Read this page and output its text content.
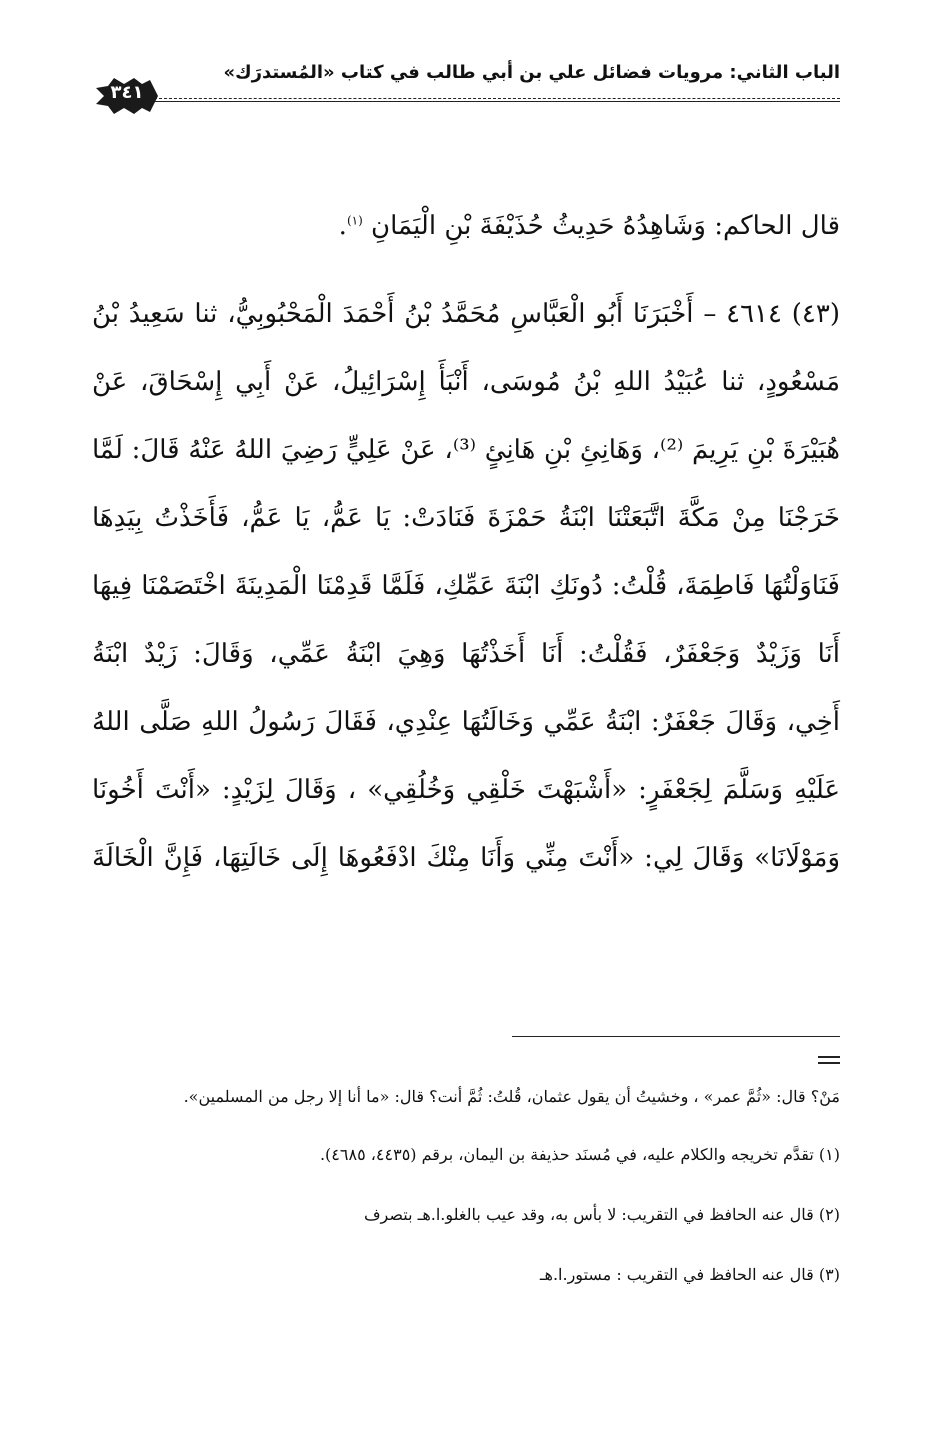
الباب الثاني: مرويات فضائل علي بن أبي طالب في كتاب «المُستدرَك»
٣٤١

قال الحاكم: وَشَاهِدُهُ حَدِيثُ حُذَيْفَةَ بْنِ الْيَمَانِ $^{(١)}$.

(٤٣) ٤٦١٤ – أَخْبَرَنَا أَبُو الْعَبَّاسِ مُحَمَّدُ بْنُ أَحْمَدَ الْمَحْبُوبِيُّ، ثنا سَعِيدُ بْنُ
مَسْعُودٍ، ثنا عُبَيْدُ اللهِ بْنُ مُوسَى، أَنْبَأَ إِسْرَائِيلُ، عَنْ أَبِي إِسْحَاقَ، عَنْ
هُبَيْرَةَ بْنِ يَرِيمَ ⁽²⁾، وَهَانِئِ بْنِ هَانِئٍ ⁽³⁾، عَنْ عَلِيٍّ رَضِيَ اللهُ عَنْهُ قَالَ: لَمَّا
خَرَجْنَا مِنْ مَكَّةَ اتَّبَعَتْنَا ابْنَةُ حَمْزَةَ فَنَادَتْ: يَا عَمُّ، يَا عَمُّ، فَأَخَذْتُ بِيَدِهَا
فَنَاوَلْتُهَا فَاطِمَةَ، قُلْتُ: دُونَكِ ابْنَةَ عَمِّكِ، فَلَمَّا قَدِمْنَا الْمَدِينَةَ اخْتَصَمْنَا فِيهَا
أَنَا وَزَيْدٌ وَجَعْفَرٌ، فَقُلْتُ: أَنَا أَخَذْتُهَا وَهِيَ ابْنَةُ عَمِّي، وَقَالَ: زَيْدٌ ابْنَةُ
أَخِي، وَقَالَ جَعْفَرٌ: ابْنَةُ عَمِّي وَخَالَتُهَا عِنْدِي، فَقَالَ رَسُولُ اللهِ صَلَّى اللهُ
عَلَيْهِ وَسَلَّمَ لِجَعْفَرٍ: «أَشْبَهْتَ خَلْقِي وَخُلُقِي» ، وَقَالَ لِزَيْدٍ: «أَنْتَ أَخُونَا
وَمَوْلَانَا» وَقَالَ لِي: «أَنْتَ مِنِّي وَأَنَا مِنْكَ ادْفَعُوهَا إِلَى خَالَتِهَا، فَإِنَّ الْخَالَةَ

مَنْ؟ قال: «ثُمَّ عمر» ، وخشيتُ أن يقول عثمان، قُلتُ: ثُمَّ أنت؟ قال: «ما أنا إلا رجل من المسلمين».

(١) تقدَّم تخريجه والكلام عليه، في مُسنَد حذيفة بن اليمان، برقم (٤٤٣٥، ٤٦٨٥).

(٢) قال عنه الحافظ في التقريب: لا بأس به، وقد عيب بالغلو.ا.هـ بتصرف

(٣) قال عنه الحافظ في التقريب : مستور.ا.هـ
